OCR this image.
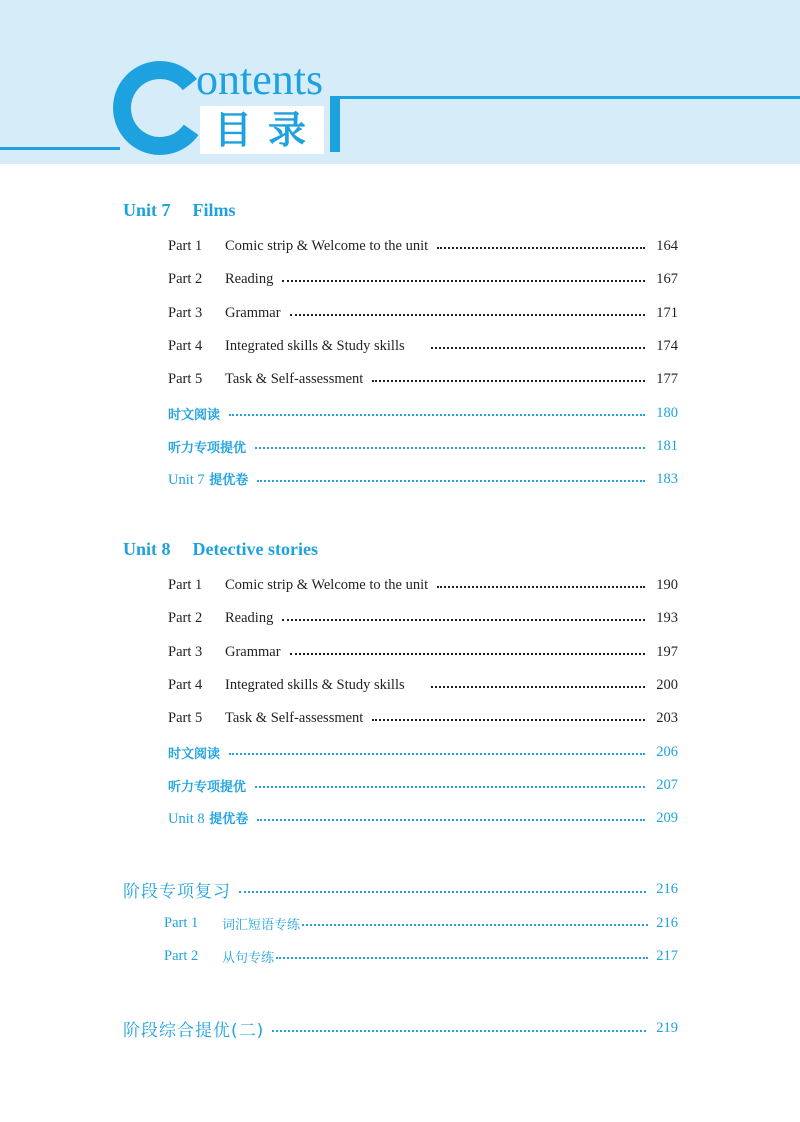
ontents
目录
Unit 7 Films
Part 1	Comic strip & Welcome to the unit	164
Part 2	Reading	167
Part 3	Grammar	171
Part 4	Integrated skills & Study skills	174
Part 5	Task & Self-assessment	177
时文阅读	180
听力专项提优	181
Unit 7 提优卷	183
Unit 8 Detective stories
Part 1	Comic strip & Welcome to the unit	190
Part 2	Reading	193
Part 3	Grammar	197
Part 4	Integrated skills & Study skills	200
Part 5	Task & Self-assessment	203
时文阅读	206
听力专项提优	207
Unit 8 提优卷	209
阶段专项复习	216
Part 1	词汇短语专练	216
Part 2	从句专练	217
阶段综合提优(二)	219
